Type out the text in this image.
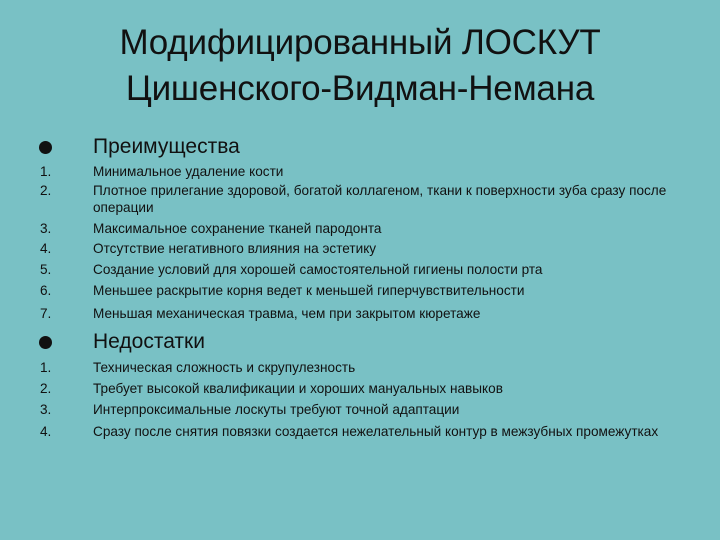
Модифицированный ЛОСКУТ
Цишенского-Видман-Немана
Преимущества
1.	Минимальное удаление кости
2.	Плотное прилегание здоровой, богатой коллагеном, ткани к поверхности зуба сразу после операции
3.	Максимальное сохранение тканей пародонта
4.	Отсутствие негативного влияния на эстетику
5.	Создание условий для хорошей самостоятельной гигиены полости рта
6.	Меньшее раскрытие корня ведет к меньшей гиперчувствительности
7.	Меньшая механическая травма, чем при закрытом кюретаже
Недостатки
1.	Техническая сложность и скрупулезность
2.	Требует высокой квалификации и хороших мануальных навыков
3.	Интерпроксимальные лоскуты требуют точной адаптации
4.	Сразу после снятия повязки создается нежелательный контур в межзубных промежутках
